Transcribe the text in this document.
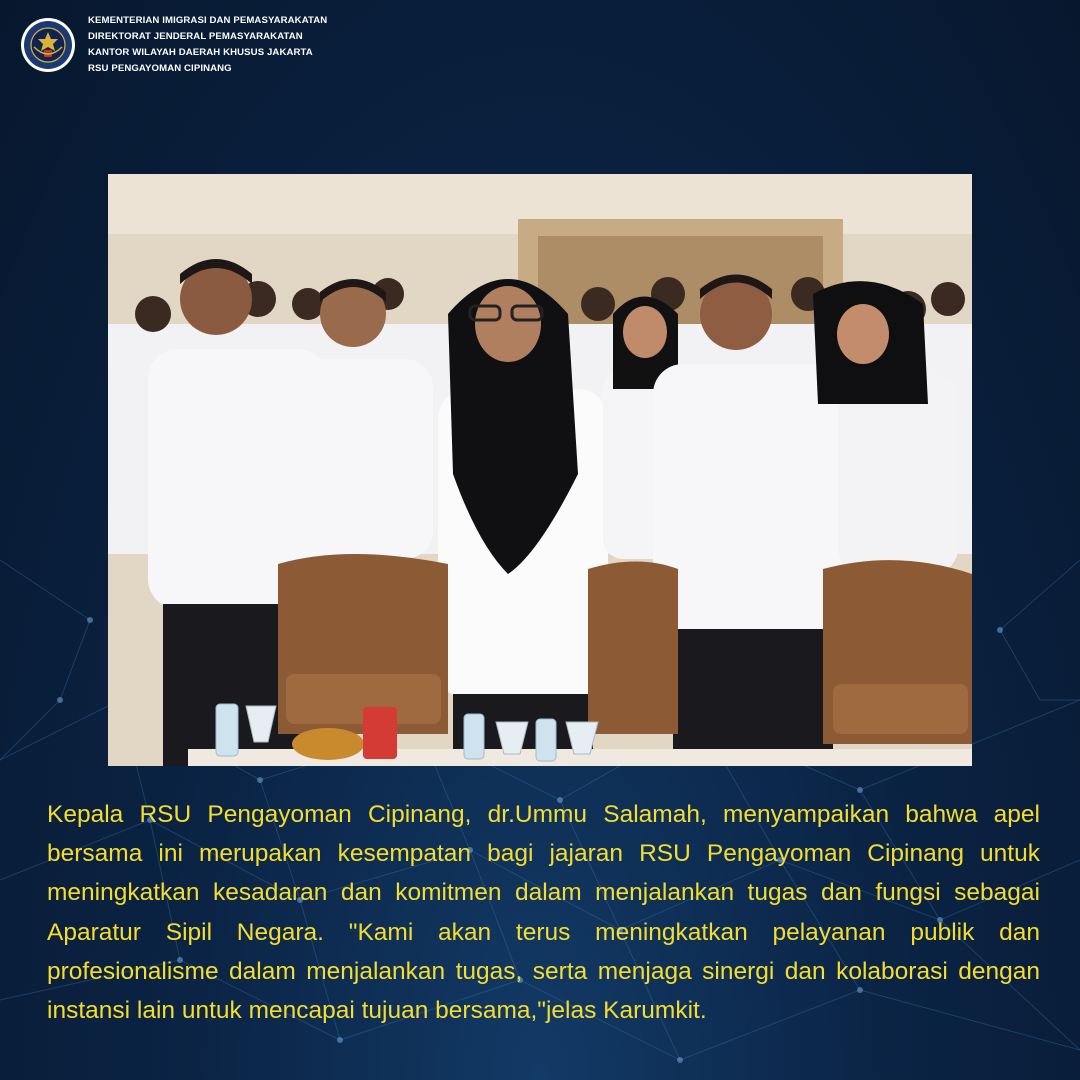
KEMENTERIAN IMIGRASI DAN PEMASYARAKATAN
DIREKTORAT JENDERAL PEMASYARAKATAN
KANTOR WILAYAH DAERAH KHUSUS JAKARTA
RSU PENGAYOMAN CIPINANG

Kepala RSU Pengayoman Cipinang, dr.Ummu Salamah, menyampaikan bahwa apel bersama ini merupakan kesempatan bagi jajaran RSU Pengayoman Cipinang untuk meningkatkan kesadaran dan komitmen dalam menjalankan tugas dan fungsi sebagai Aparatur Sipil Negara. "Kami akan terus meningkatkan pelayanan publik dan profesionalisme dalam menjalankan tugas, serta menjaga sinergi dan kolaborasi dengan instansi lain untuk mencapai tujuan bersama,"jelas Karumkit.
